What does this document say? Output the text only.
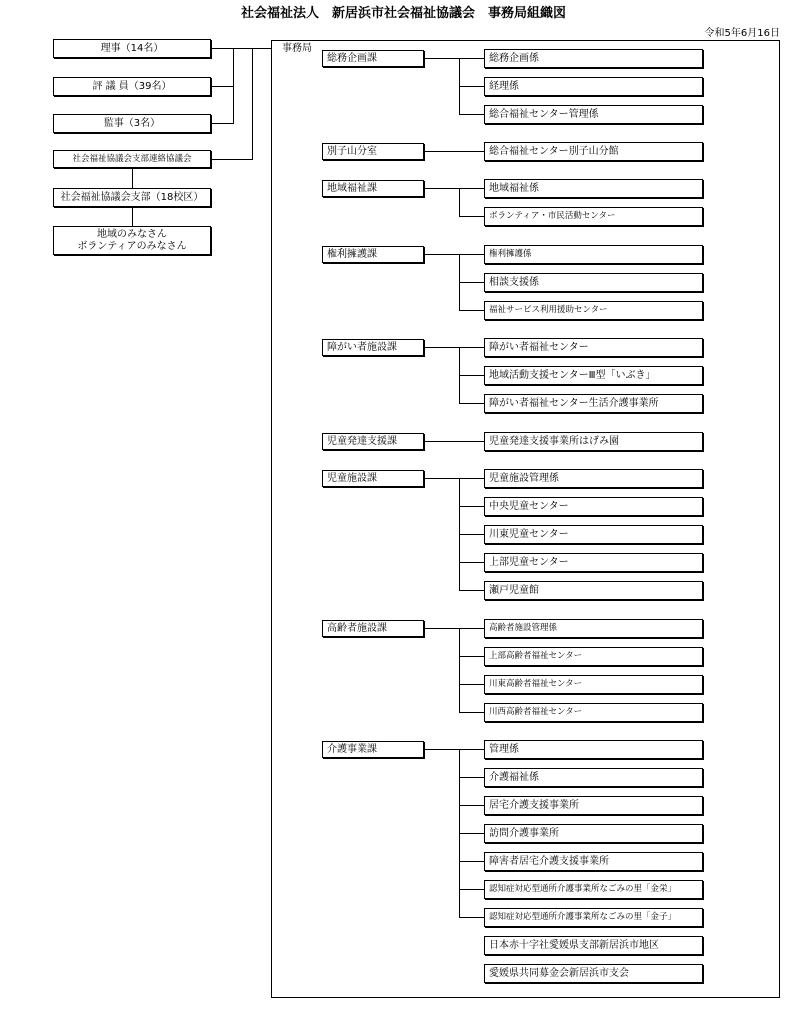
社会福祉法人　新居浜市社会福祉協議会　事務局組織図
令和5年6月16日
理事（14名）
評 議 員（39名）
監事（3名）
社会福祉協議会支部連絡協議会
社会福祉協議会支部（18校区）
地域のみなさん
ボランティアのみなさん
事務局
総務企画課	総務企画係
経理係
総合福祉センター管理係
別子山分室	総合福祉センター別子山分館
地域福祉課	地域福祉係
ボランティア・市民活動センター
権利擁護課	権利擁護係
相談支援係
福祉サービス利用援助センター
障がい者施設課	障がい者福祉センター
地域活動支援センターⅢ型「いぶき」
障がい者福祉センター生活介護事業所
児童発達支援課	児童発達支援事業所はげみ園
児童施設課	児童施設管理係
中央児童センター
川東児童センター
上部児童センター
瀬戸児童館
高齢者施設課	高齢者施設管理係
上部高齢者福祉センター
川東高齢者福祉センター
川西高齢者福祉センター
介護事業課	管理係
介護福祉係
居宅介護支援事業所
訪問介護事業所
障害者居宅介護支援事業所
認知症対応型通所介護事業所なごみの里「金栄」
認知症対応型通所介護事業所なごみの里「金子」
日本赤十字社愛媛県支部新居浜市地区
愛媛県共同募金会新居浜市支会
